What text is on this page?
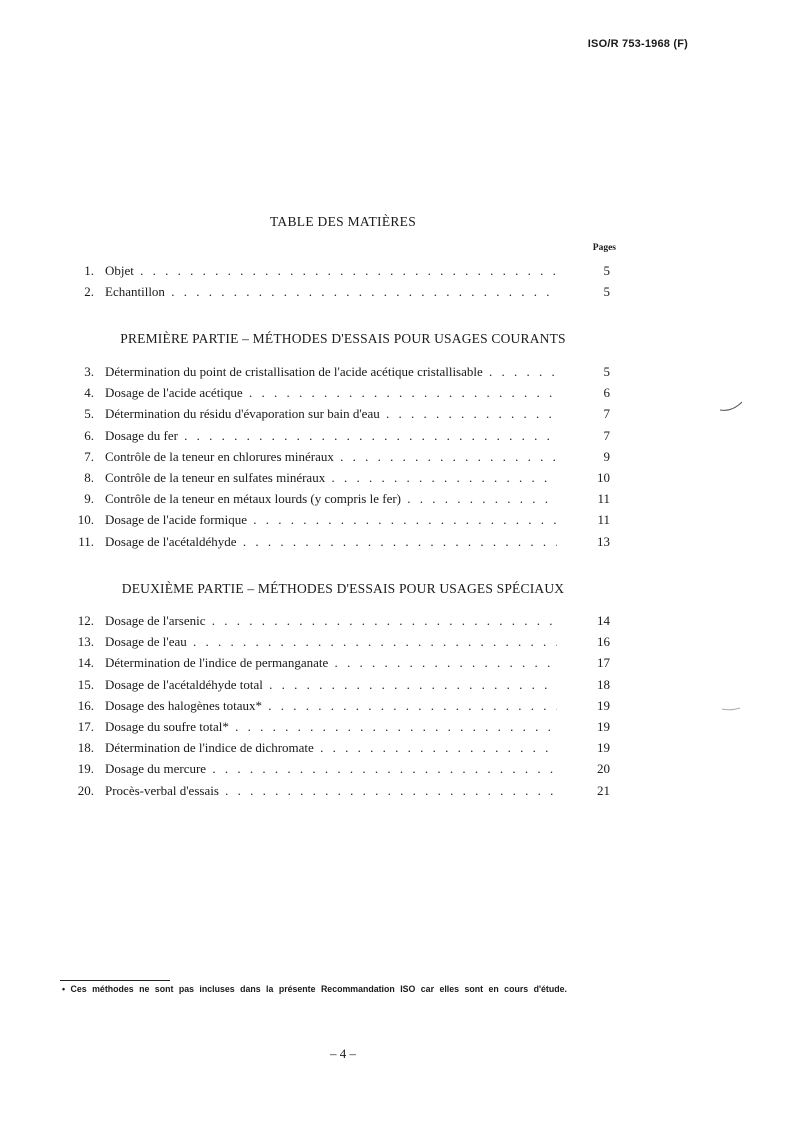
ISO/R 753-1968 (F)
TABLE DES MATIÈRES
Pages
1. Objet . . .	5
2. Echantillon . . .	5
PREMIÈRE PARTIE – MÉTHODES D'ESSAIS POUR USAGES COURANTS
3. Détermination du point de cristallisation de l'acide acétique cristallisable . . .	5
4. Dosage de l'acide acétique . . .	6
5. Détermination du résidu d'évaporation sur bain d'eau . . .	7
6. Dosage du fer . . .	7
7. Contrôle de la teneur en chlorures minéraux . . .	9
8. Contrôle de la teneur en sulfates minéraux . . .	10
9. Contrôle de la teneur en métaux lourds (y compris le fer) . . .	11
10. Dosage de l'acide formique . . .	11
11. Dosage de l'acétaldéhyde . . .	13
DEUXIÈME PARTIE – MÉTHODES D'ESSAIS POUR USAGES SPÉCIAUX
12. Dosage de l'arsenic . . .	14
13. Dosage de l'eau . . .	16
14. Détermination de l'indice de permanganate . . .	17
15. Dosage de l'acétaldéhyde total . . .	18
16. Dosage des halogènes totaux* . . .	19
17. Dosage du soufre total* . . .	19
18. Détermination de l'indice de dichromate . . .	19
19. Dosage du mercure . . .	20
20. Procès-verbal d'essais . . .	21
• Ces méthodes ne sont pas incluses dans la présente Recommandation ISO car elles sont en cours d'étude.
– 4 –
